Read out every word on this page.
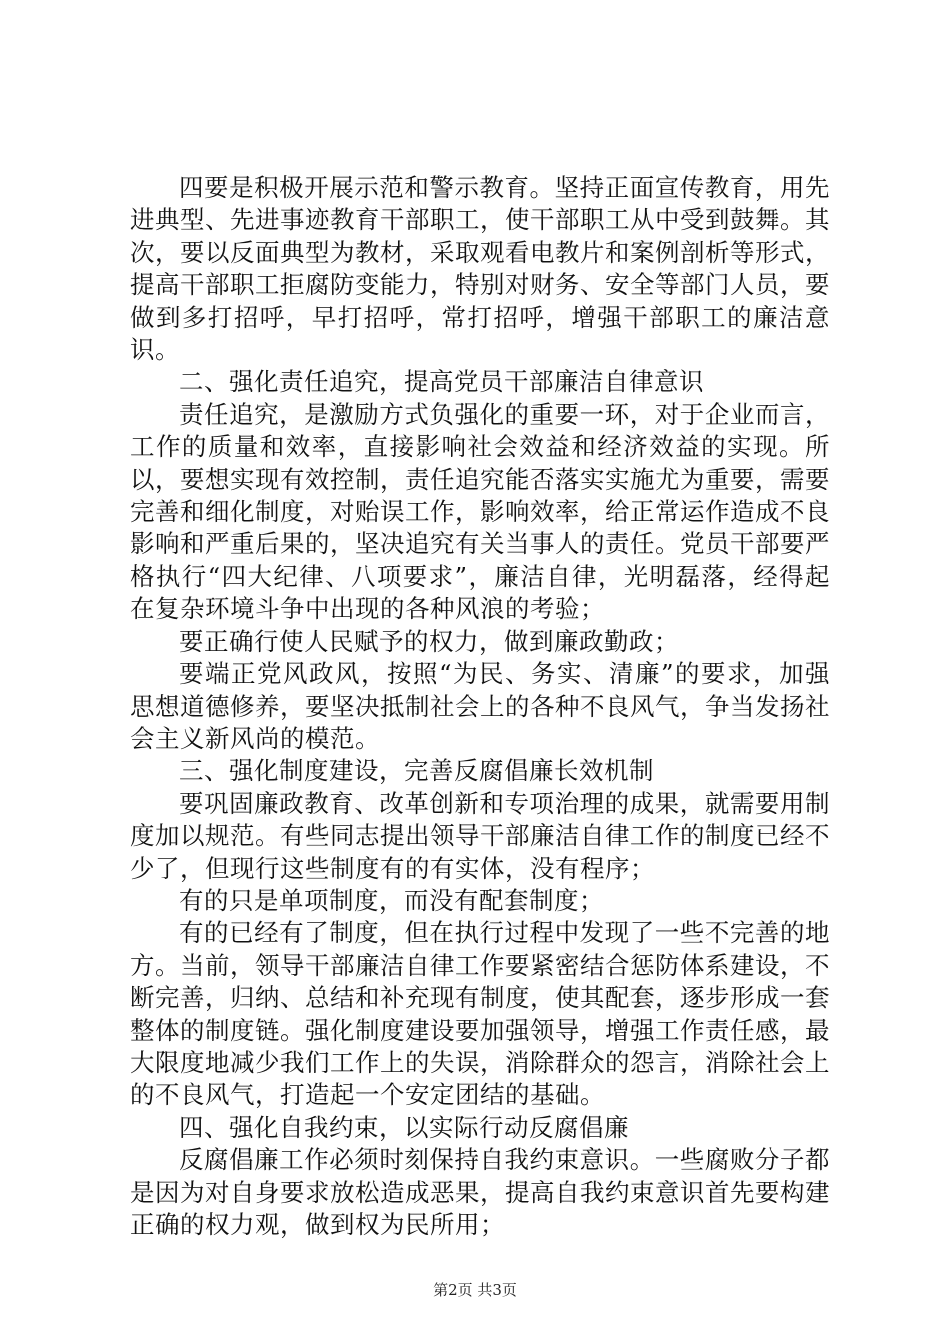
四要是积极开展示范和警示教育。坚持正面宣传教育，用先进典型、先进事迹教育干部职工，使干部职工从中受到鼓舞。其次，要以反面典型为教材，采取观看电教片和案例剖析等形式，提高干部职工拒腐防变能力，特别对财务、安全等部门人员，要做到多打招呼，早打招呼，常打招呼，增强干部职工的廉洁意识。

二、强化责任追究，提高党员干部廉洁自律意识

责任追究，是激励方式负强化的重要一环，对于企业而言，工作的质量和效率，直接影响社会效益和经济效益的实现。所以，要想实现有效控制，责任追究能否落实实施尤为重要，需要完善和细化制度，对贻误工作，影响效率，给正常运作造成不良影响和严重后果的，坚决追究有关当事人的责任。党员干部要严格执行“四大纪律、八项要求”，廉洁自律，光明磊落，经得起在复杂环境斗争中出现的各种风浪的考验；

要正确行使人民赋予的权力，做到廉政勤政；

要端正党风政风，按照“为民、务实、清廉”的要求，加强思想道德修养，要坚决抵制社会上的各种不良风气，争当发扬社会主义新风尚的模范。

三、强化制度建设，完善反腐倡廉长效机制

要巩固廉政教育、改革创新和专项治理的成果，就需要用制度加以规范。有些同志提出领导干部廉洁自律工作的制度已经不少了，但现行这些制度有的有实体，没有程序；

有的只是单项制度，而没有配套制度；

有的已经有了制度，但在执行过程中发现了一些不完善的地方。当前，领导干部廉洁自律工作要紧密结合惩防体系建设，不断完善，归纳、总结和补充现有制度，使其配套，逐步形成一套整体的制度链。强化制度建设要加强领导，增强工作责任感，最大限度地减少我们工作上的失误，消除群众的怨言，消除社会上的不良风气，打造起一个安定团结的基础。

四、强化自我约束，以实际行动反腐倡廉

反腐倡廉工作必须时刻保持自我约束意识。一些腐败分子都是因为对自身要求放松造成恶果，提高自我约束意识首先要构建正确的权力观，做到权为民所用；

第2页 共3页
